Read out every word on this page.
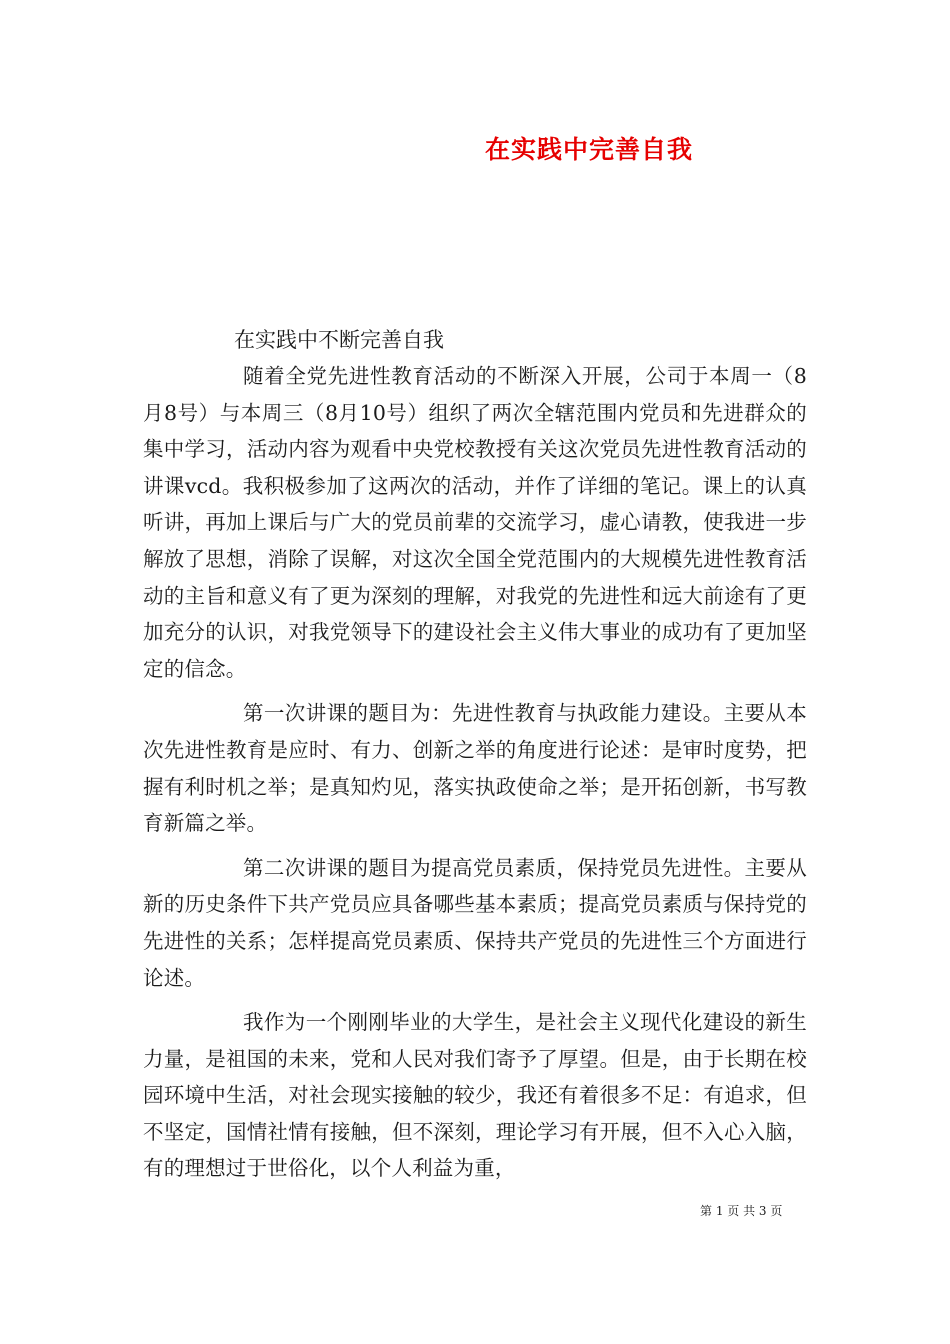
在实践中完善自我

在实践中不断完善自我

随着全党先进性教育活动的不断深入开展，公司于本周一（8月8号）与本周三（8月10号）组织了两次全辖范围内党员和先进群众的集中学习，活动内容为观看中央党校教授有关这次党员先进性教育活动的讲课vcd。我积极参加了这两次的活动，并作了详细的笔记。课上的认真听讲，再加上课后与广大的党员前辈的交流学习，虚心请教，使我进一步解放了思想，消除了误解，对这次全国全党范围内的大规模先进性教育活动的主旨和意义有了更为深刻的理解，对我党的先进性和远大前途有了更加充分的认识，对我党领导下的建设社会主义伟大事业的成功有了更加坚定的信念。

第一次讲课的题目为：先进性教育与执政能力建设。主要从本次先进性教育是应时、有力、创新之举的角度进行论述：是审时度势，把握有利时机之举；是真知灼见，落实执政使命之举；是开拓创新，书写教育新篇之举。

第二次讲课的题目为提高党员素质，保持党员先进性。主要从新的历史条件下共产党员应具备哪些基本素质；提高党员素质与保持党的先进性的关系；怎样提高党员素质、保持共产党员的先进性三个方面进行论述。

我作为一个刚刚毕业的大学生，是社会主义现代化建设的新生力量，是祖国的未来，党和人民对我们寄予了厚望。但是，由于长期在校园环境中生活，对社会现实接触的较少，我还有着很多不足：有追求，但不坚定，国情社情有接触，但不深刻，理论学习有开展，但不入心入脑，有的理想过于世俗化，以个人利益为重，

第 1 页 共 3 页
